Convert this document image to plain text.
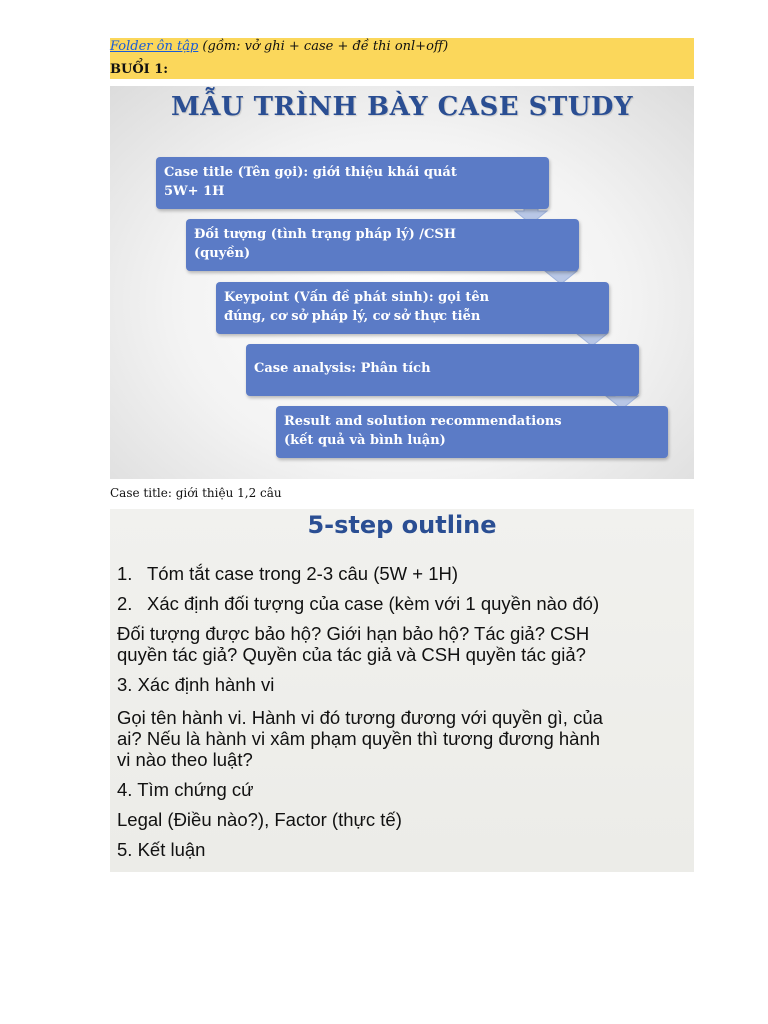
Folder ôn tập (gồm: vở ghi + case + đề thi onl+off)
BUỔI 1:
MẪU TRÌNH BÀY CASE STUDY
Case title (Tên gọi): giới thiệu khái quát
5W+ 1H
Đối tượng (tình trạng pháp lý) /CSH
(quyền)
Keypoint (Vấn đề phát sinh): gọi tên
đúng, cơ sở pháp lý, cơ sở thực tiễn
Case analysis: Phân tích
Result and solution recommendations
(kết quả và bình luận)
Case title: giới thiệu 1,2 câu
5-step outline

1. Tóm tắt case trong 2-3 câu (5W + 1H)

2. Xác định đối tượng của case (kèm với 1 quyền nào đó)

Đối tượng được bảo hộ? Giới hạn bảo hộ? Tác giả? CSH

quyền tác giả? Quyền của tác giả và CSH quyền tác giả?

3. Xác định hành vi

Gọi tên hành vi. Hành vi đó tương đương với quyền gì, của

ai? Nếu là hành vi xâm phạm quyền thì tương đương hành

vi nào theo luật?

4. Tìm chứng cứ

Legal (Điều nào?), Factor (thực tế)

5. Kết luận
